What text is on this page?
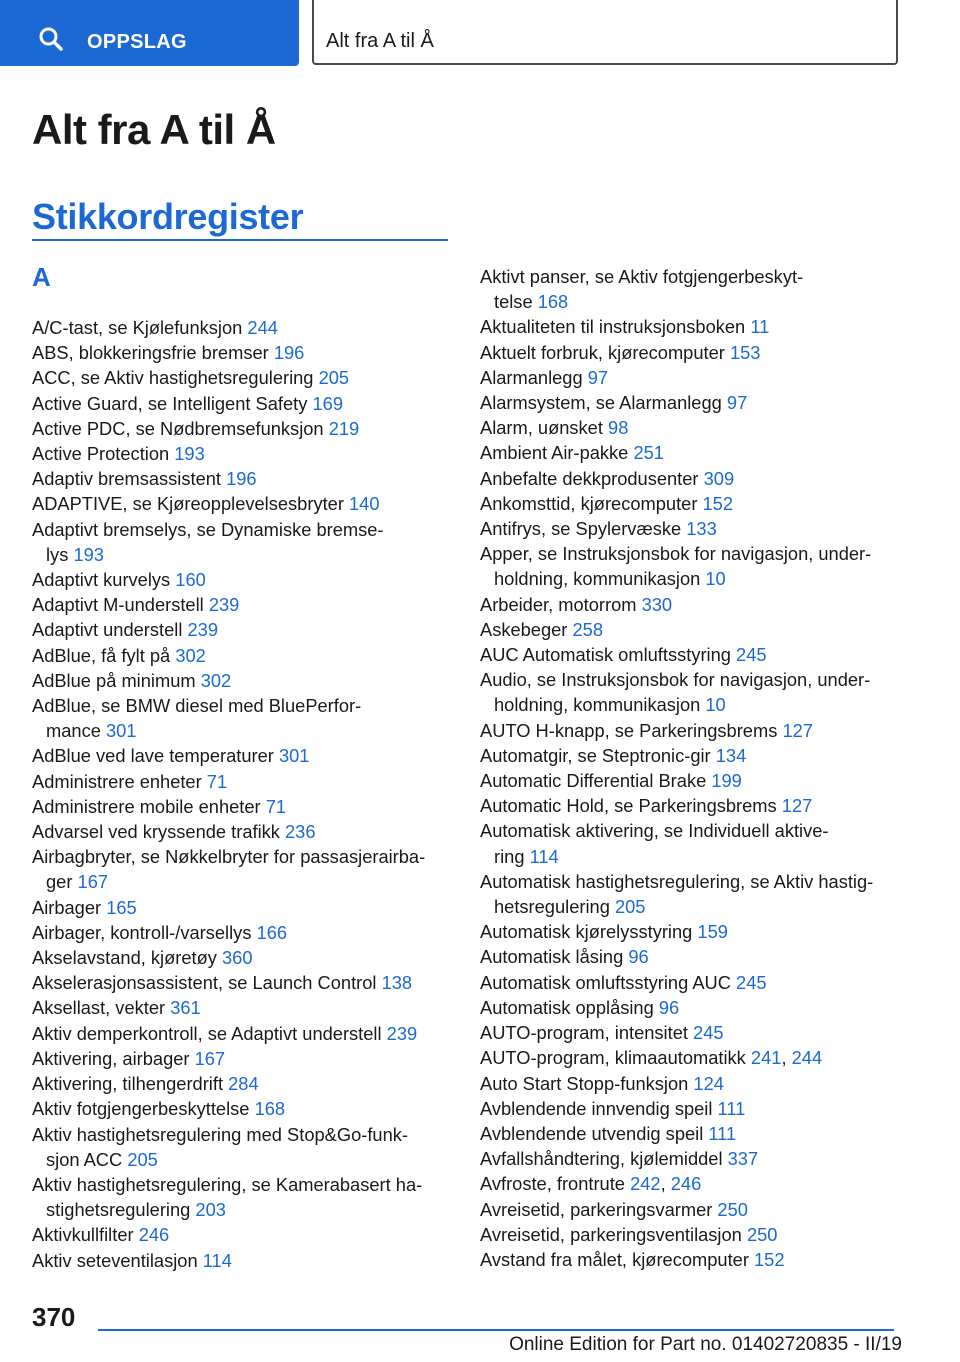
OPPSLAG	Alt fra A til Å
Alt fra A til Å
Stikkordregister
A
A/C-tast, se Kjølefunksjon 244
ABS, blokkeringsfrie bremser 196
ACC, se Aktiv hastighetsregulering 205
Active Guard, se Intelligent Safety 169
Active PDC, se Nødbremsefunksjon 219
Active Protection 193
Adaptiv bremsassistent 196
ADAPTIVE, se Kjøreopplevelsesbryter 140
Adaptivt bremselys, se Dynamiske bremse-
lys 193
Adaptivt kurvelys 160
Adaptivt M-understell 239
Adaptivt understell 239
AdBlue, få fylt på 302
AdBlue på minimum 302
AdBlue, se BMW diesel med BluePerfor-
mance 301
AdBlue ved lave temperaturer 301
Administrere enheter 71
Administrere mobile enheter 71
Advarsel ved kryssende trafikk 236
Airbagbryter, se Nøkkelbryter for passasjerairba-
ger 167
Airbager 165
Airbager, kontroll-/varsellys 166
Akselavstand, kjøretøy 360
Akselerasjonsassistent, se Launch Control 138
Aksellast, vekter 361
Aktiv demperkontroll, se Adaptivt understell 239
Aktivering, airbager 167
Aktivering, tilhengerdrift 284
Aktiv fotgjengerbeskyttelse 168
Aktiv hastighetsregulering med Stop&Go-funk-
sjon ACC 205
Aktiv hastighetsregulering, se Kamerabasert ha-
stighetsregulering 203
Aktivkullfilter 246
Aktiv seteventilasjon 114
Aktivt panser, se Aktiv fotgjengerbeskyt-
telse 168
Aktualiteten til instruksjonsboken 11
Aktuelt forbruk, kjørecomputer 153
Alarmanlegg 97
Alarmsystem, se Alarmanlegg 97
Alarm, uønsket 98
Ambient Air-pakke 251
Anbefalte dekkprodusenter 309
Ankomsttid, kjørecomputer 152
Antifrys, se Spylervæske 133
Apper, se Instruksjonsbok for navigasjon, under-
holdning, kommunikasjon 10
Arbeider, motorrom 330
Askebeger 258
AUC Automatisk omluftsstyring 245
Audio, se Instruksjonsbok for navigasjon, under-
holdning, kommunikasjon 10
AUTO H-knapp, se Parkeringsbrems 127
Automatgir, se Steptronic-gir 134
Automatic Differential Brake 199
Automatic Hold, se Parkeringsbrems 127
Automatisk aktivering, se Individuell aktive-
ring 114
Automatisk hastighetsregulering, se Aktiv hastig-
hetsregulering 205
Automatisk kjørelysstyring 159
Automatisk låsing 96
Automatisk omluftsstyring AUC 245
Automatisk opplåsing 96
AUTO-program, intensitet 245
AUTO-program, klimaautomatikk 241, 244
Auto Start Stopp-funksjon 124
Avblendende innvendig speil 111
Avblendende utvendig speil 111
Avfallshåndtering, kjølemiddel 337
Avfroste, frontrute 242, 246
Avreisetid, parkeringsvarmer 250
Avreisetid, parkeringsventilasjon 250
Avstand fra målet, kjørecomputer 152
370
Online Edition for Part no. 01402720835 - II/19
